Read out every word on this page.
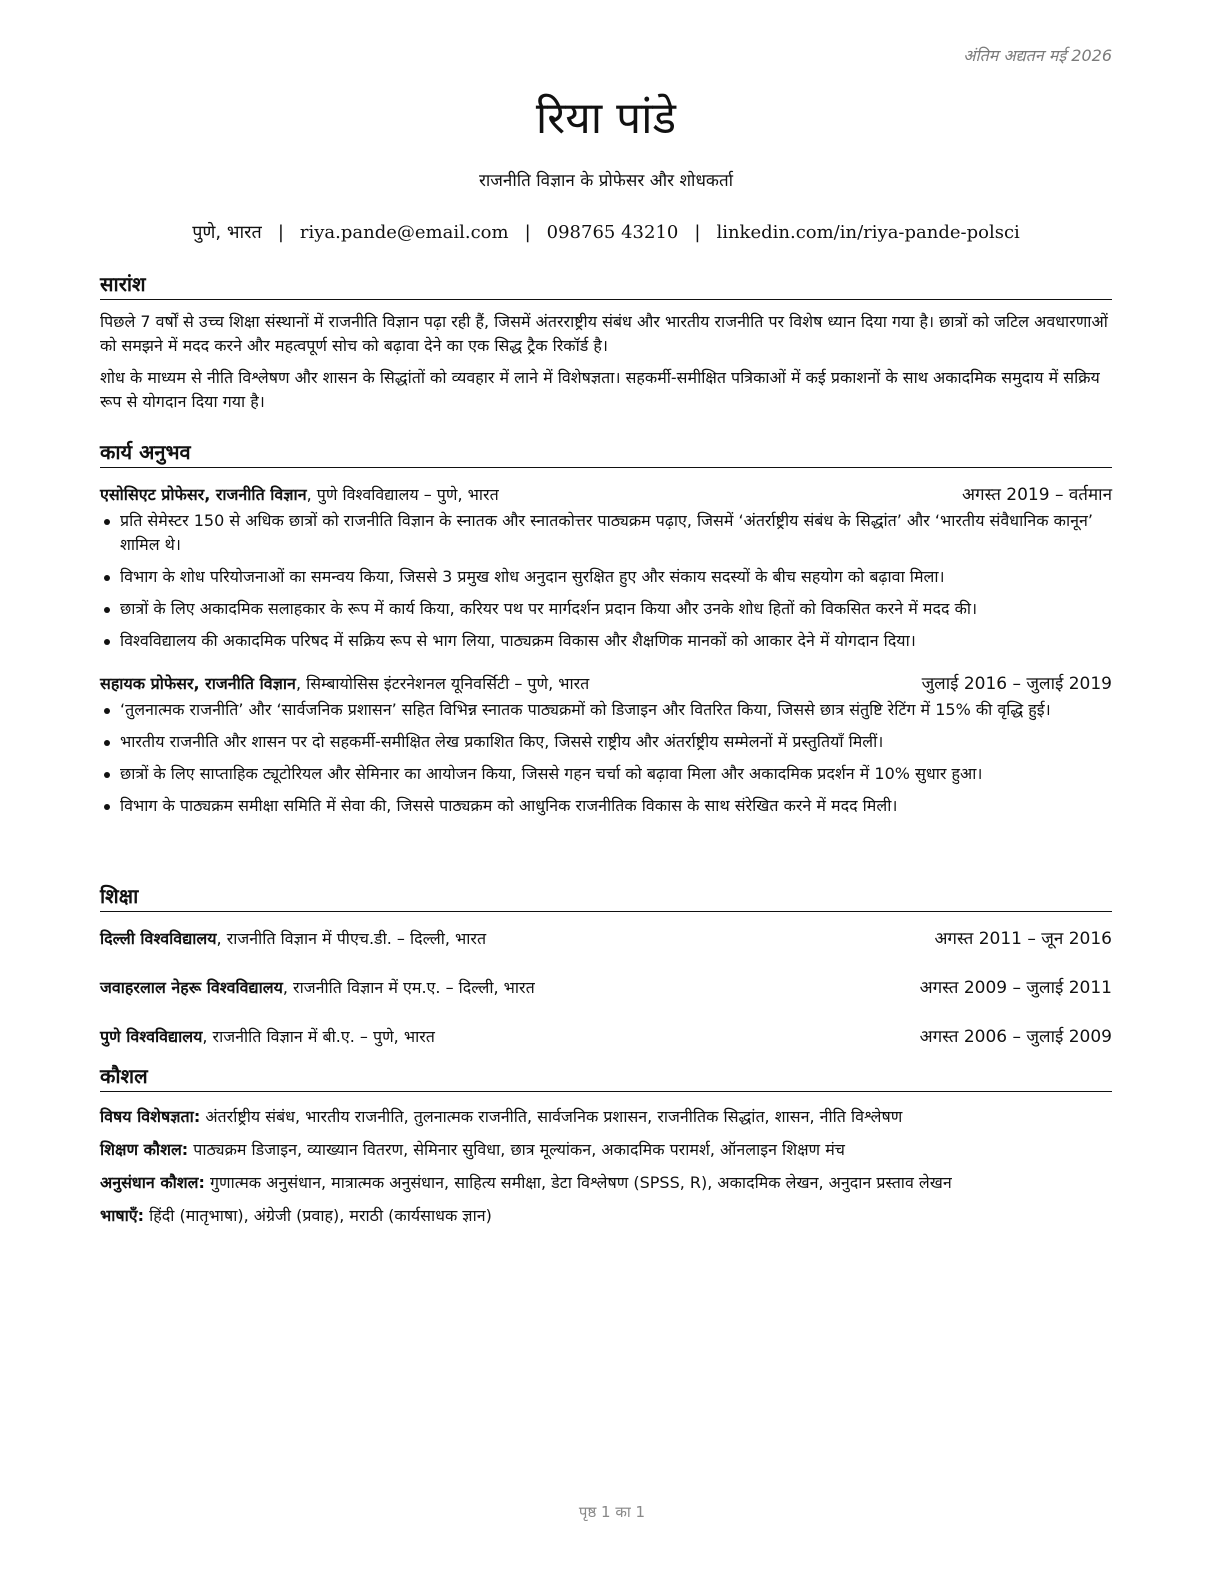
अंतिम अद्यतन मई 2026
रिया पांडे
राजनीति विज्ञान के प्रोफेसर और शोधकर्ता
पुणे, भारत | riya.pande@email.com | 098765 43210 | linkedin.com/in/riya-pande-polsci
सारांश

पिछले 7 वर्षों से उच्च शिक्षा संस्थानों में राजनीति विज्ञान पढ़ा रही हैं, जिसमें अंतरराष्ट्रीय संबंध और भारतीय राजनीति पर विशेष ध्यान दिया गया है। छात्रों को जटिल अवधारणाओं को समझने में मदद करने और महत्वपूर्ण सोच को बढ़ावा देने का एक सिद्ध ट्रैक रिकॉर्ड है।

शोध के माध्यम से नीति विश्लेषण और शासन के सिद्धांतों को व्यवहार में लाने में विशेषज्ञता। सहकर्मी-समीक्षित पत्रिकाओं में कई प्रकाशनों के साथ अकादमिक समुदाय में सक्रिय रूप से योगदान दिया गया है।

कार्य अनुभव
एसोसिएट प्रोफेसर, राजनीति विज्ञान, पुणे विश्वविद्यालय – पुणे, भारत	अगस्त 2019 – वर्तमान
प्रति सेमेस्टर 150 से अधिक छात्रों को राजनीति विज्ञान के स्नातक और स्नातकोत्तर पाठ्यक्रम पढ़ाए, जिसमें ‘अंतर्राष्ट्रीय संबंध के सिद्धांत’ और ‘भारतीय संवैधानिक कानून’ शामिल थे।
विभाग के शोध परियोजनाओं का समन्वय किया, जिससे 3 प्रमुख शोध अनुदान सुरक्षित हुए और संकाय सदस्यों के बीच सहयोग को बढ़ावा मिला।
छात्रों के लिए अकादमिक सलाहकार के रूप में कार्य किया, करियर पथ पर मार्गदर्शन प्रदान किया और उनके शोध हितों को विकसित करने में मदद की।
विश्वविद्यालय की अकादमिक परिषद में सक्रिय रूप से भाग लिया, पाठ्यक्रम विकास और शैक्षणिक मानकों को आकार देने में योगदान दिया।
सहायक प्रोफेसर, राजनीति विज्ञान, सिम्बायोसिस इंटरनेशनल यूनिवर्सिटी – पुणे, भारत	जुलाई 2016 – जुलाई 2019
‘तुलनात्मक राजनीति’ और ‘सार्वजनिक प्रशासन’ सहित विभिन्न स्नातक पाठ्यक्रमों को डिजाइन और वितरित किया, जिससे छात्र संतुष्टि रेटिंग में 15% की वृद्धि हुई।
भारतीय राजनीति और शासन पर दो सहकर्मी-समीक्षित लेख प्रकाशित किए, जिससे राष्ट्रीय और अंतर्राष्ट्रीय सम्मेलनों में प्रस्तुतियाँ मिलीं।
छात्रों के लिए साप्ताहिक ट्यूटोरियल और सेमिनार का आयोजन किया, जिससे गहन चर्चा को बढ़ावा मिला और अकादमिक प्रदर्शन में 10% सुधार हुआ।
विभाग के पाठ्यक्रम समीक्षा समिति में सेवा की, जिससे पाठ्यक्रम को आधुनिक राजनीतिक विकास के साथ संरेखित करने में मदद मिली।
शिक्षा
दिल्ली विश्वविद्यालय, राजनीति विज्ञान में पीएच.डी. – दिल्ली, भारत	अगस्त 2011 – जून 2016
जवाहरलाल नेहरू विश्वविद्यालय, राजनीति विज्ञान में एम.ए. – दिल्ली, भारत	अगस्त 2009 – जुलाई 2011
पुणे विश्वविद्यालय, राजनीति विज्ञान में बी.ए. – पुणे, भारत	अगस्त 2006 – जुलाई 2009
कौशल
विषय विशेषज्ञता: अंतर्राष्ट्रीय संबंध, भारतीय राजनीति, तुलनात्मक राजनीति, सार्वजनिक प्रशासन, राजनीतिक सिद्धांत, शासन, नीति विश्लेषण
शिक्षण कौशल: पाठ्यक्रम डिजाइन, व्याख्यान वितरण, सेमिनार सुविधा, छात्र मूल्यांकन, अकादमिक परामर्श, ऑनलाइन शिक्षण मंच
अनुसंधान कौशल: गुणात्मक अनुसंधान, मात्रात्मक अनुसंधान, साहित्य समीक्षा, डेटा विश्लेषण (SPSS, R), अकादमिक लेखन, अनुदान प्रस्ताव लेखन
भाषाएँ: हिंदी (मातृभाषा), अंग्रेजी (प्रवाह), मराठी (कार्यसाधक ज्ञान)
पृष्ठ 1 का 1
